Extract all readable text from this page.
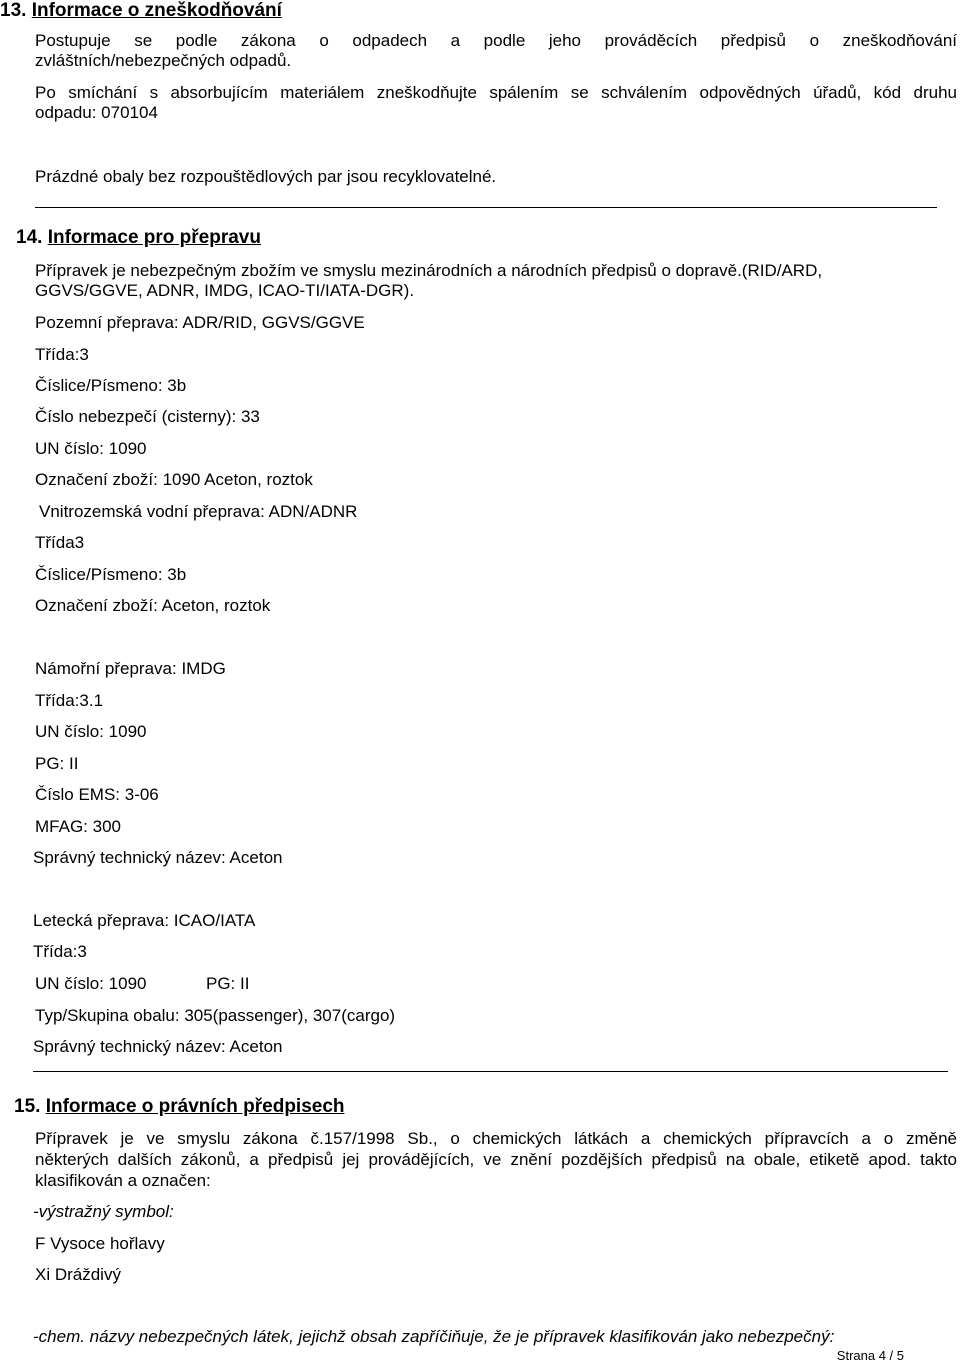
13. Informace o zneškodňování
Postupuje se podle zákona o odpadech a podle jeho prováděcích předpisů o zneškodňování
zvláštních/nebezpečných odpadů.
Po smíchání s absorbujícím materiálem zneškodňujte spálením se schválením odpovědných úřadů, kód druhu
odpadu: 070104
Prázdné obaly bez rozpouštědlových par jsou recyklovatelné.
14. Informace pro přepravu
Přípravek je nebezpečným zbožím ve smyslu mezinárodních a národních předpisů o dopravě.(RID/ARD,
GGVS/GGVE, ADNR, IMDG, ICAO-TI/IATA-DGR).
Pozemní přeprava: ADR/RID, GGVS/GGVE
Třída:3
Číslice/Písmeno: 3b
Číslo nebezpečí (cisterny): 33
UN číslo: 1090
Označení zboží: 1090 Aceton, roztok
Vnitrozemská vodní přeprava: ADN/ADNR
Třída3
Číslice/Písmeno: 3b
Označení zboží: Aceton, roztok
Námořní přeprava: IMDG
Třída:3.1
UN číslo: 1090
PG: II
Číslo EMS: 3-06
MFAG: 300
Správný technický název: Aceton
Letecká přeprava: ICAO/IATA
Třída:3
UN číslo: 1090	PG: II
Typ/Skupina obalu: 305(passenger), 307(cargo)
Správný technický název: Aceton
15. Informace o právních předpisech
Přípravek je ve smyslu zákona č.157/1998 Sb., o chemických látkách a chemických přípravcích a o změně
některých dalších zákonů, a předpisů jej provádějících, ve znění pozdějších předpisů na obale, etiketě apod. takto
klasifikován a označen:
-výstražný symbol:
F Vysoce hořlavy
Xi Dráždivý
-chem. názvy nebezpečných látek, jejichž obsah zapříčiňuje, že je přípravek klasifikován jako nebezpečný:
Strana 4 / 5
